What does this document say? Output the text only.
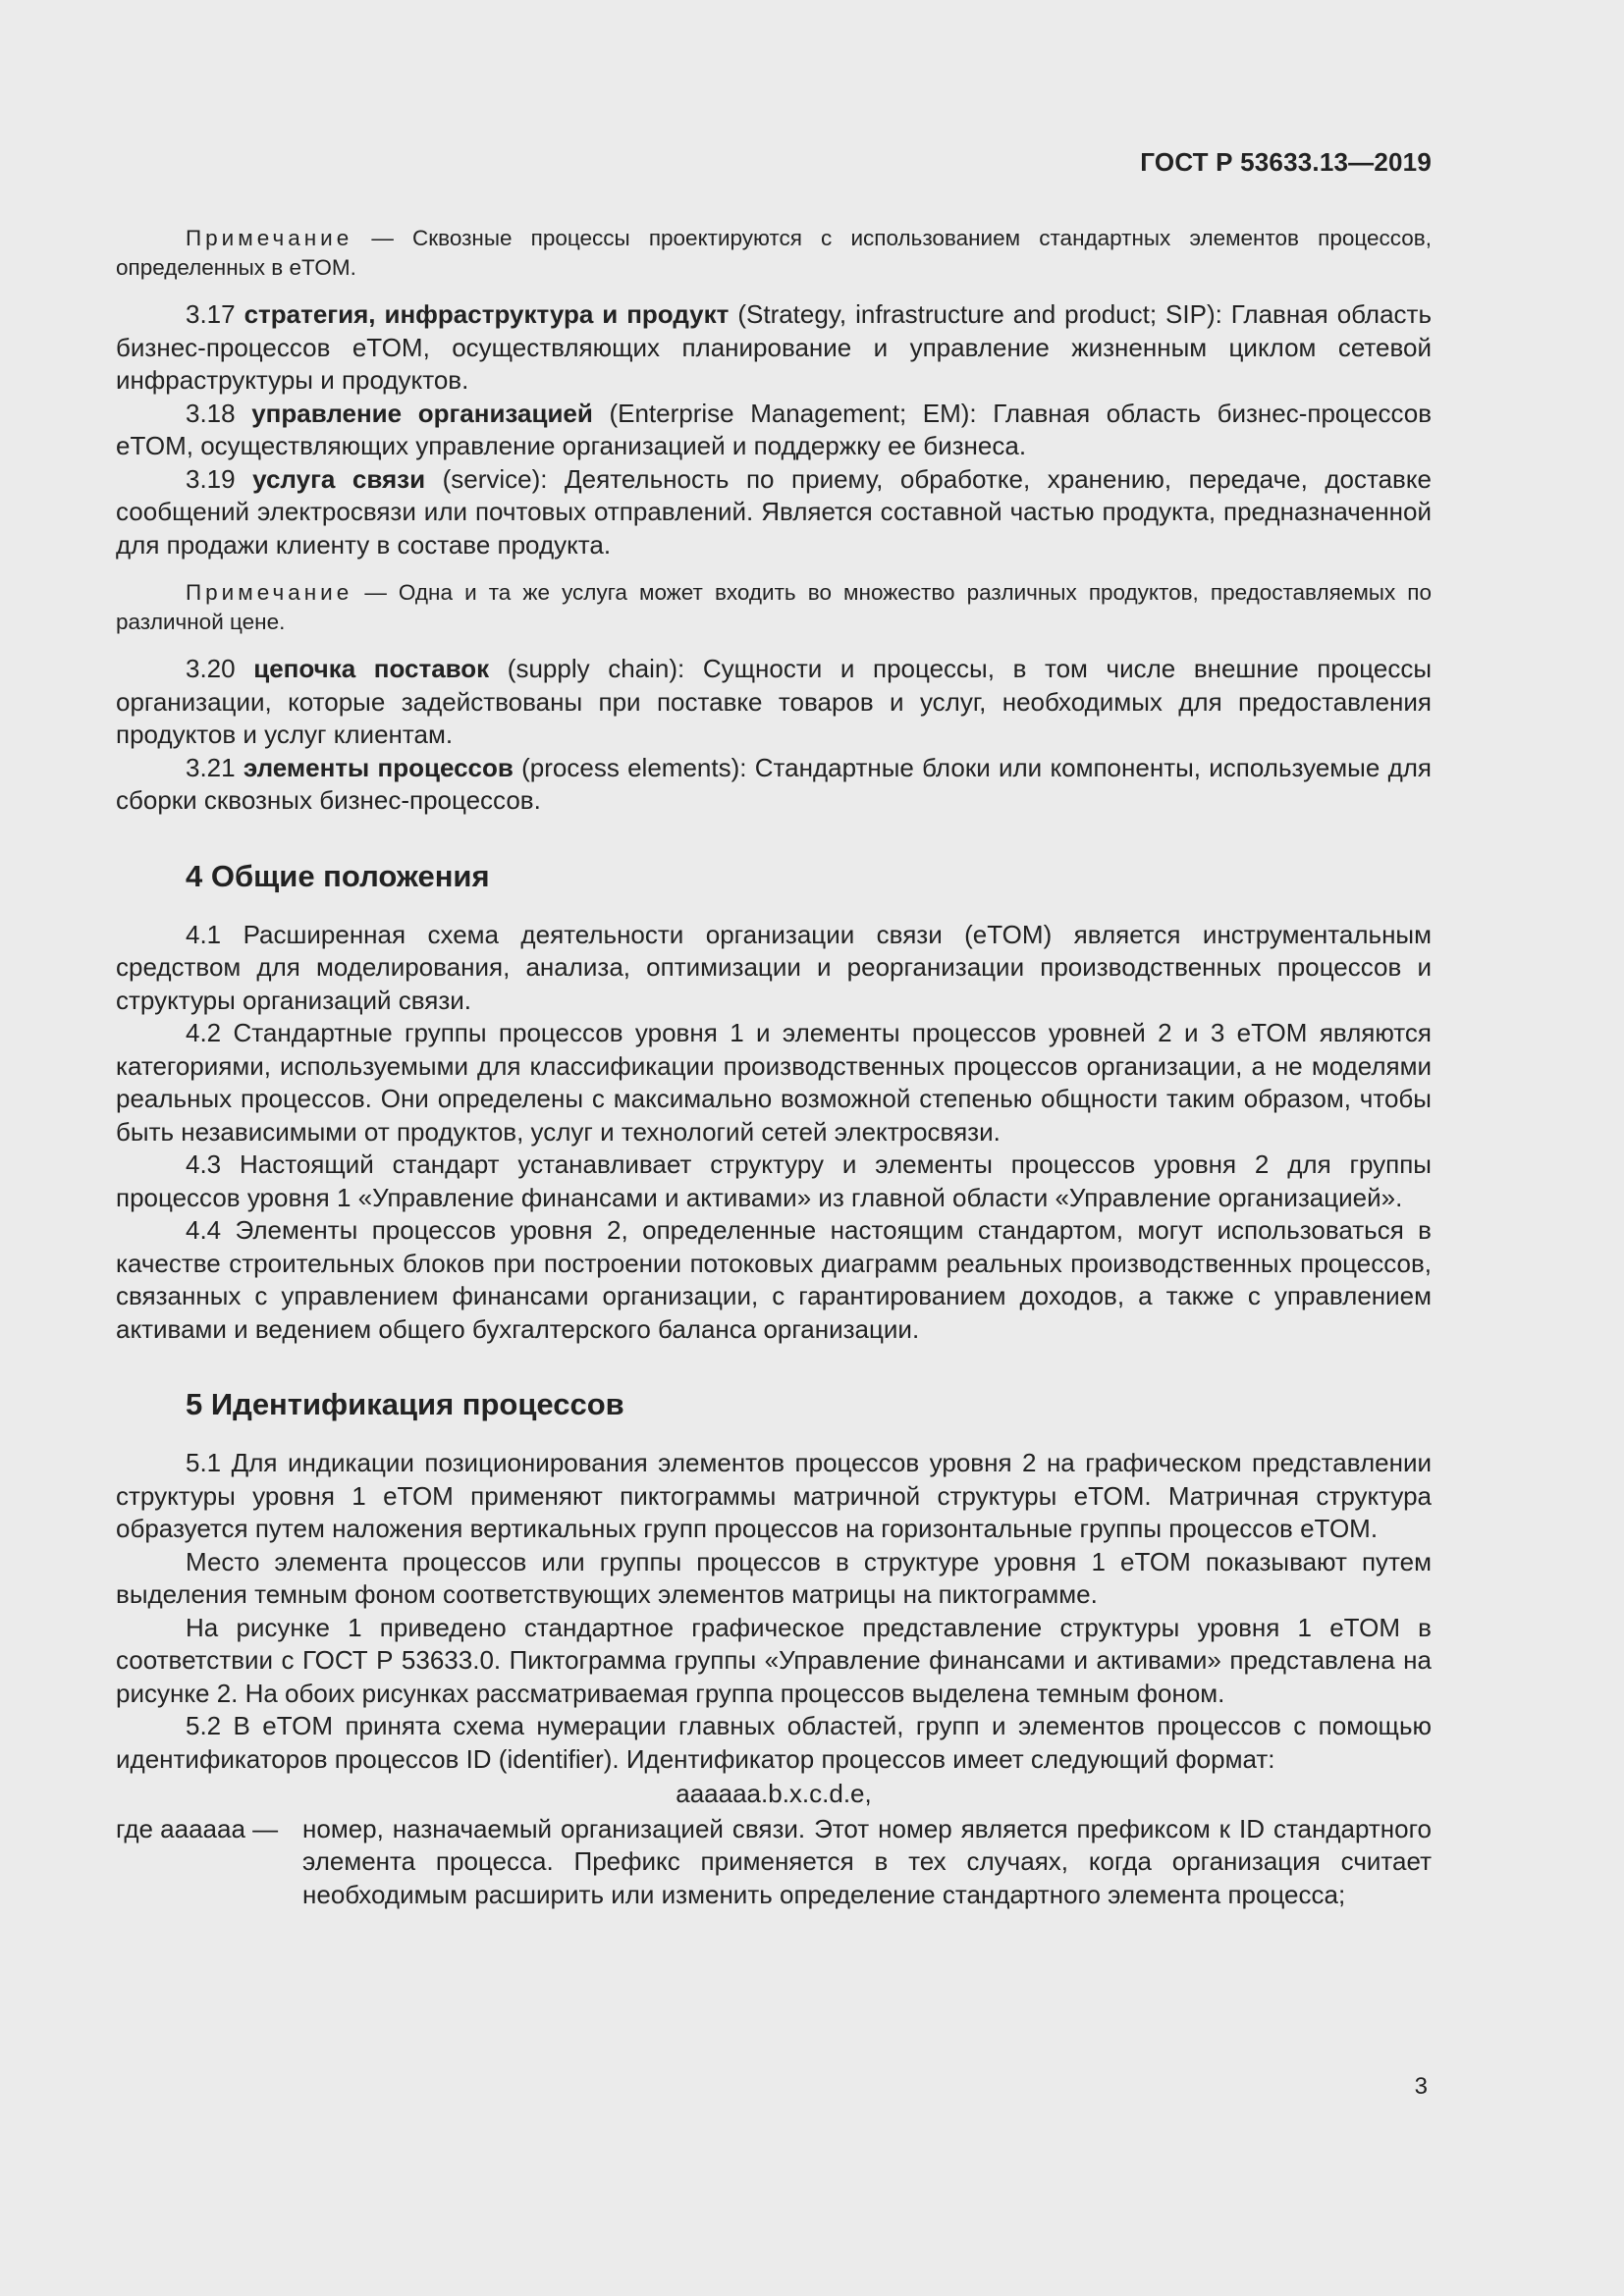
ГОСТ Р 53633.13—2019

Примечание — Сквозные процессы проектируются с использованием стандартных элементов процессов, определенных в eTOM.

3.17 стратегия, инфраструктура и продукт (Strategy, infrastructure and product; SIP): Главная область бизнес-процессов eTOM, осуществляющих планирование и управление жизненным циклом сетевой инфраструктуры и продуктов.

3.18 управление организацией (Enterprise Management; EM): Главная область бизнес-процессов eTOM, осуществляющих управление организацией и поддержку ее бизнеса.

3.19 услуга связи (service): Деятельность по приему, обработке, хранению, передаче, доставке сообщений электросвязи или почтовых отправлений. Является составной частью продукта, предназначенной для продажи клиенту в составе продукта.

Примечание — Одна и та же услуга может входить во множество различных продуктов, предоставляемых по различной цене.

3.20 цепочка поставок (supply chain): Сущности и процессы, в том числе внешние процессы организации, которые задействованы при поставке товаров и услуг, необходимых для предоставления продуктов и услуг клиентам.

3.21 элементы процессов (process elements): Стандартные блоки или компоненты, используемые для сборки сквозных бизнес-процессов.

4 Общие положения

4.1 Расширенная схема деятельности организации связи (eTOM) является инструментальным средством для моделирования, анализа, оптимизации и реорганизации производственных процессов и структуры организаций связи.

4.2 Стандартные группы процессов уровня 1 и элементы процессов уровней 2 и 3 eTOM являются категориями, используемыми для классификации производственных процессов организации, а не моделями реальных процессов. Они определены с максимально возможной степенью общности таким образом, чтобы быть независимыми от продуктов, услуг и технологий сетей электросвязи.

4.3 Настоящий стандарт устанавливает структуру и элементы процессов уровня 2 для группы процессов уровня 1 «Управление финансами и активами» из главной области «Управление организацией».

4.4 Элементы процессов уровня 2, определенные настоящим стандартом, могут использоваться в качестве строительных блоков при построении потоковых диаграмм реальных производственных процессов, связанных с управлением финансами организации, с гарантированием доходов, а также с управлением активами и ведением общего бухгалтерского баланса организации.

5 Идентификация процессов

5.1 Для индикации позиционирования элементов процессов уровня 2 на графическом представлении структуры уровня 1 eTOM применяют пиктограммы матричной структуры eTOM. Матричная структура образуется путем наложения вертикальных групп процессов на горизонтальные группы процессов eTOM.

Место элемента процессов или группы процессов в структуре уровня 1 eTOM показывают путем выделения темным фоном соответствующих элементов матрицы на пиктограмме.

На рисунке 1 приведено стандартное графическое представление структуры уровня 1 eTOM в соответствии с ГОСТ Р 53633.0. Пиктограмма группы «Управление финансами и активами» представлена на рисунке 2. На обоих рисунках рассматриваемая группа процессов выделена темным фоном.

5.2 В eTOM принята схема нумерации главных областей, групп и элементов процессов с помощью идентификаторов процессов ID (identifier). Идентификатор процессов имеет следующий формат:

aaaaaa.b.x.c.d.e,

где aaaaaa — номер, назначаемый организацией связи. Этот номер является префиксом к ID стандартного элемента процесса. Префикс применяется в тех случаях, когда организация считает необходимым расширить или изменить определение стандартного элемента процесса;
3
